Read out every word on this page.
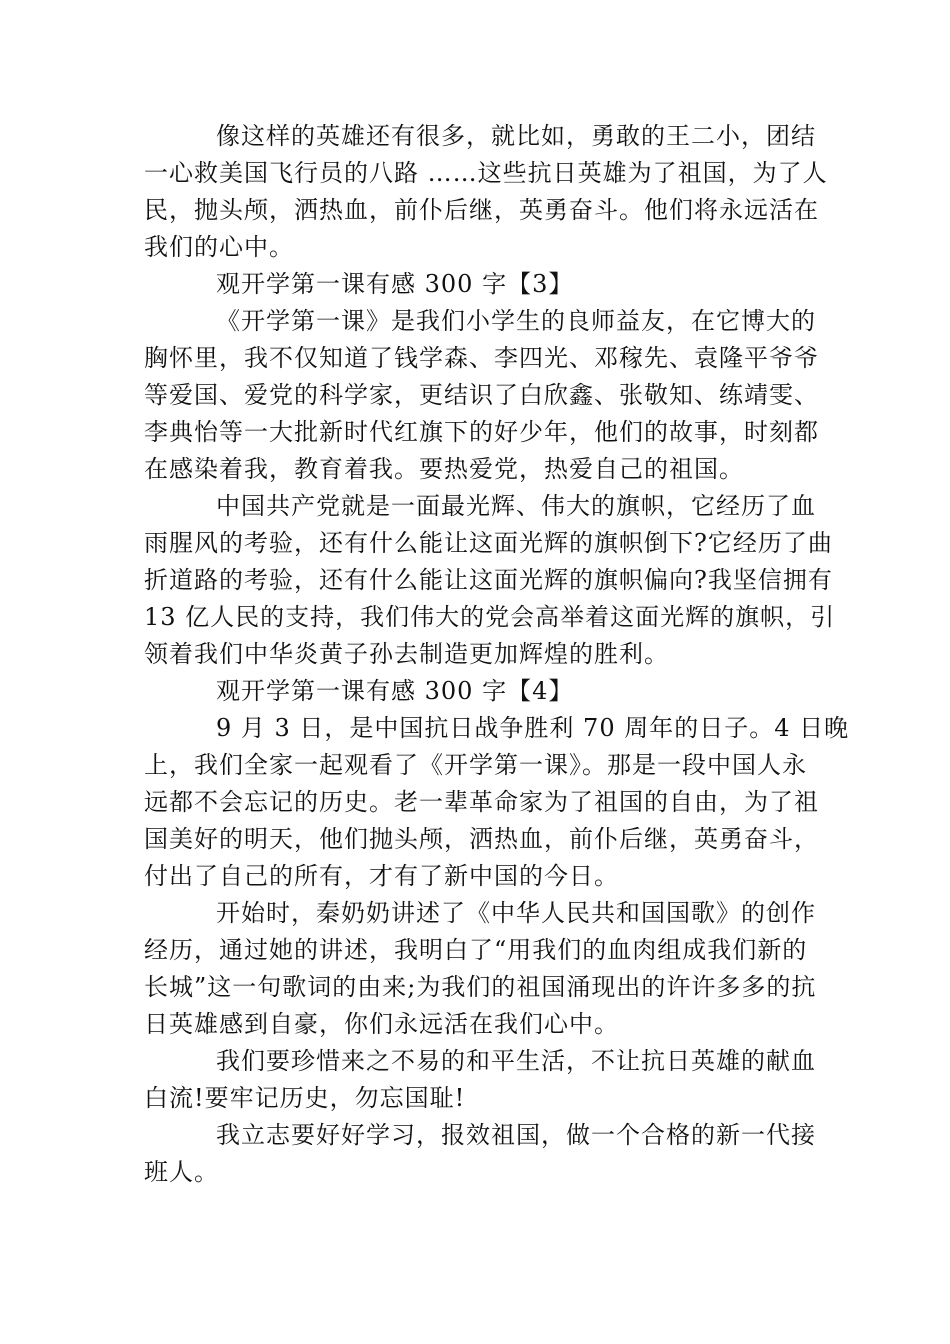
像这样的英雄还有很多，就比如，勇敢的王二小，团结
一心救美国飞行员的八路 ……这些抗日英雄为了祖国，为了人
民，抛头颅，洒热血，前仆后继，英勇奋斗。他们将永远活在
我们的心中。
观开学第一课有感 300 字【3】
《开学第一课》是我们小学生的良师益友，在它博大的
胸怀里，我不仅知道了钱学森、李四光、邓稼先、袁隆平爷爷
等爱国、爱党的科学家，更结识了白欣鑫、张敬知、练靖雯、
李典怡等一大批新时代红旗下的好少年，他们的故事，时刻都
在感染着我，教育着我。要热爱党，热爱自己的祖国。
中国共产党就是一面最光辉、伟大的旗帜，它经历了血
雨腥风的考验，还有什么能让这面光辉的旗帜倒下?它经历了曲
折道路的考验，还有什么能让这面光辉的旗帜偏向?我坚信拥有
13 亿人民的支持，我们伟大的党会高举着这面光辉的旗帜，引
领着我们中华炎黄子孙去制造更加辉煌的胜利。
观开学第一课有感 300 字【4】
9 月 3 日，是中国抗日战争胜利 70 周年的日子。4 日晚
上，我们全家一起观看了《开学第一课》。那是一段中国人永
远都不会忘记的历史。老一辈革命家为了祖国的自由，为了祖
国美好的明天，他们抛头颅，洒热血，前仆后继，英勇奋斗，
付出了自己的所有，才有了新中国的今日。
开始时，秦奶奶讲述了《中华人民共和国国歌》的创作
经历，通过她的讲述，我明白了“用我们的血肉组成我们新的
长城”这一句歌词的由来;为我们的祖国涌现出的许许多多的抗
日英雄感到自豪，你们永远活在我们心中。
我们要珍惜来之不易的和平生活，不让抗日英雄的献血
白流!要牢记历史，勿忘国耻!
我立志要好好学习，报效祖国，做一个合格的新一代接
班人。
